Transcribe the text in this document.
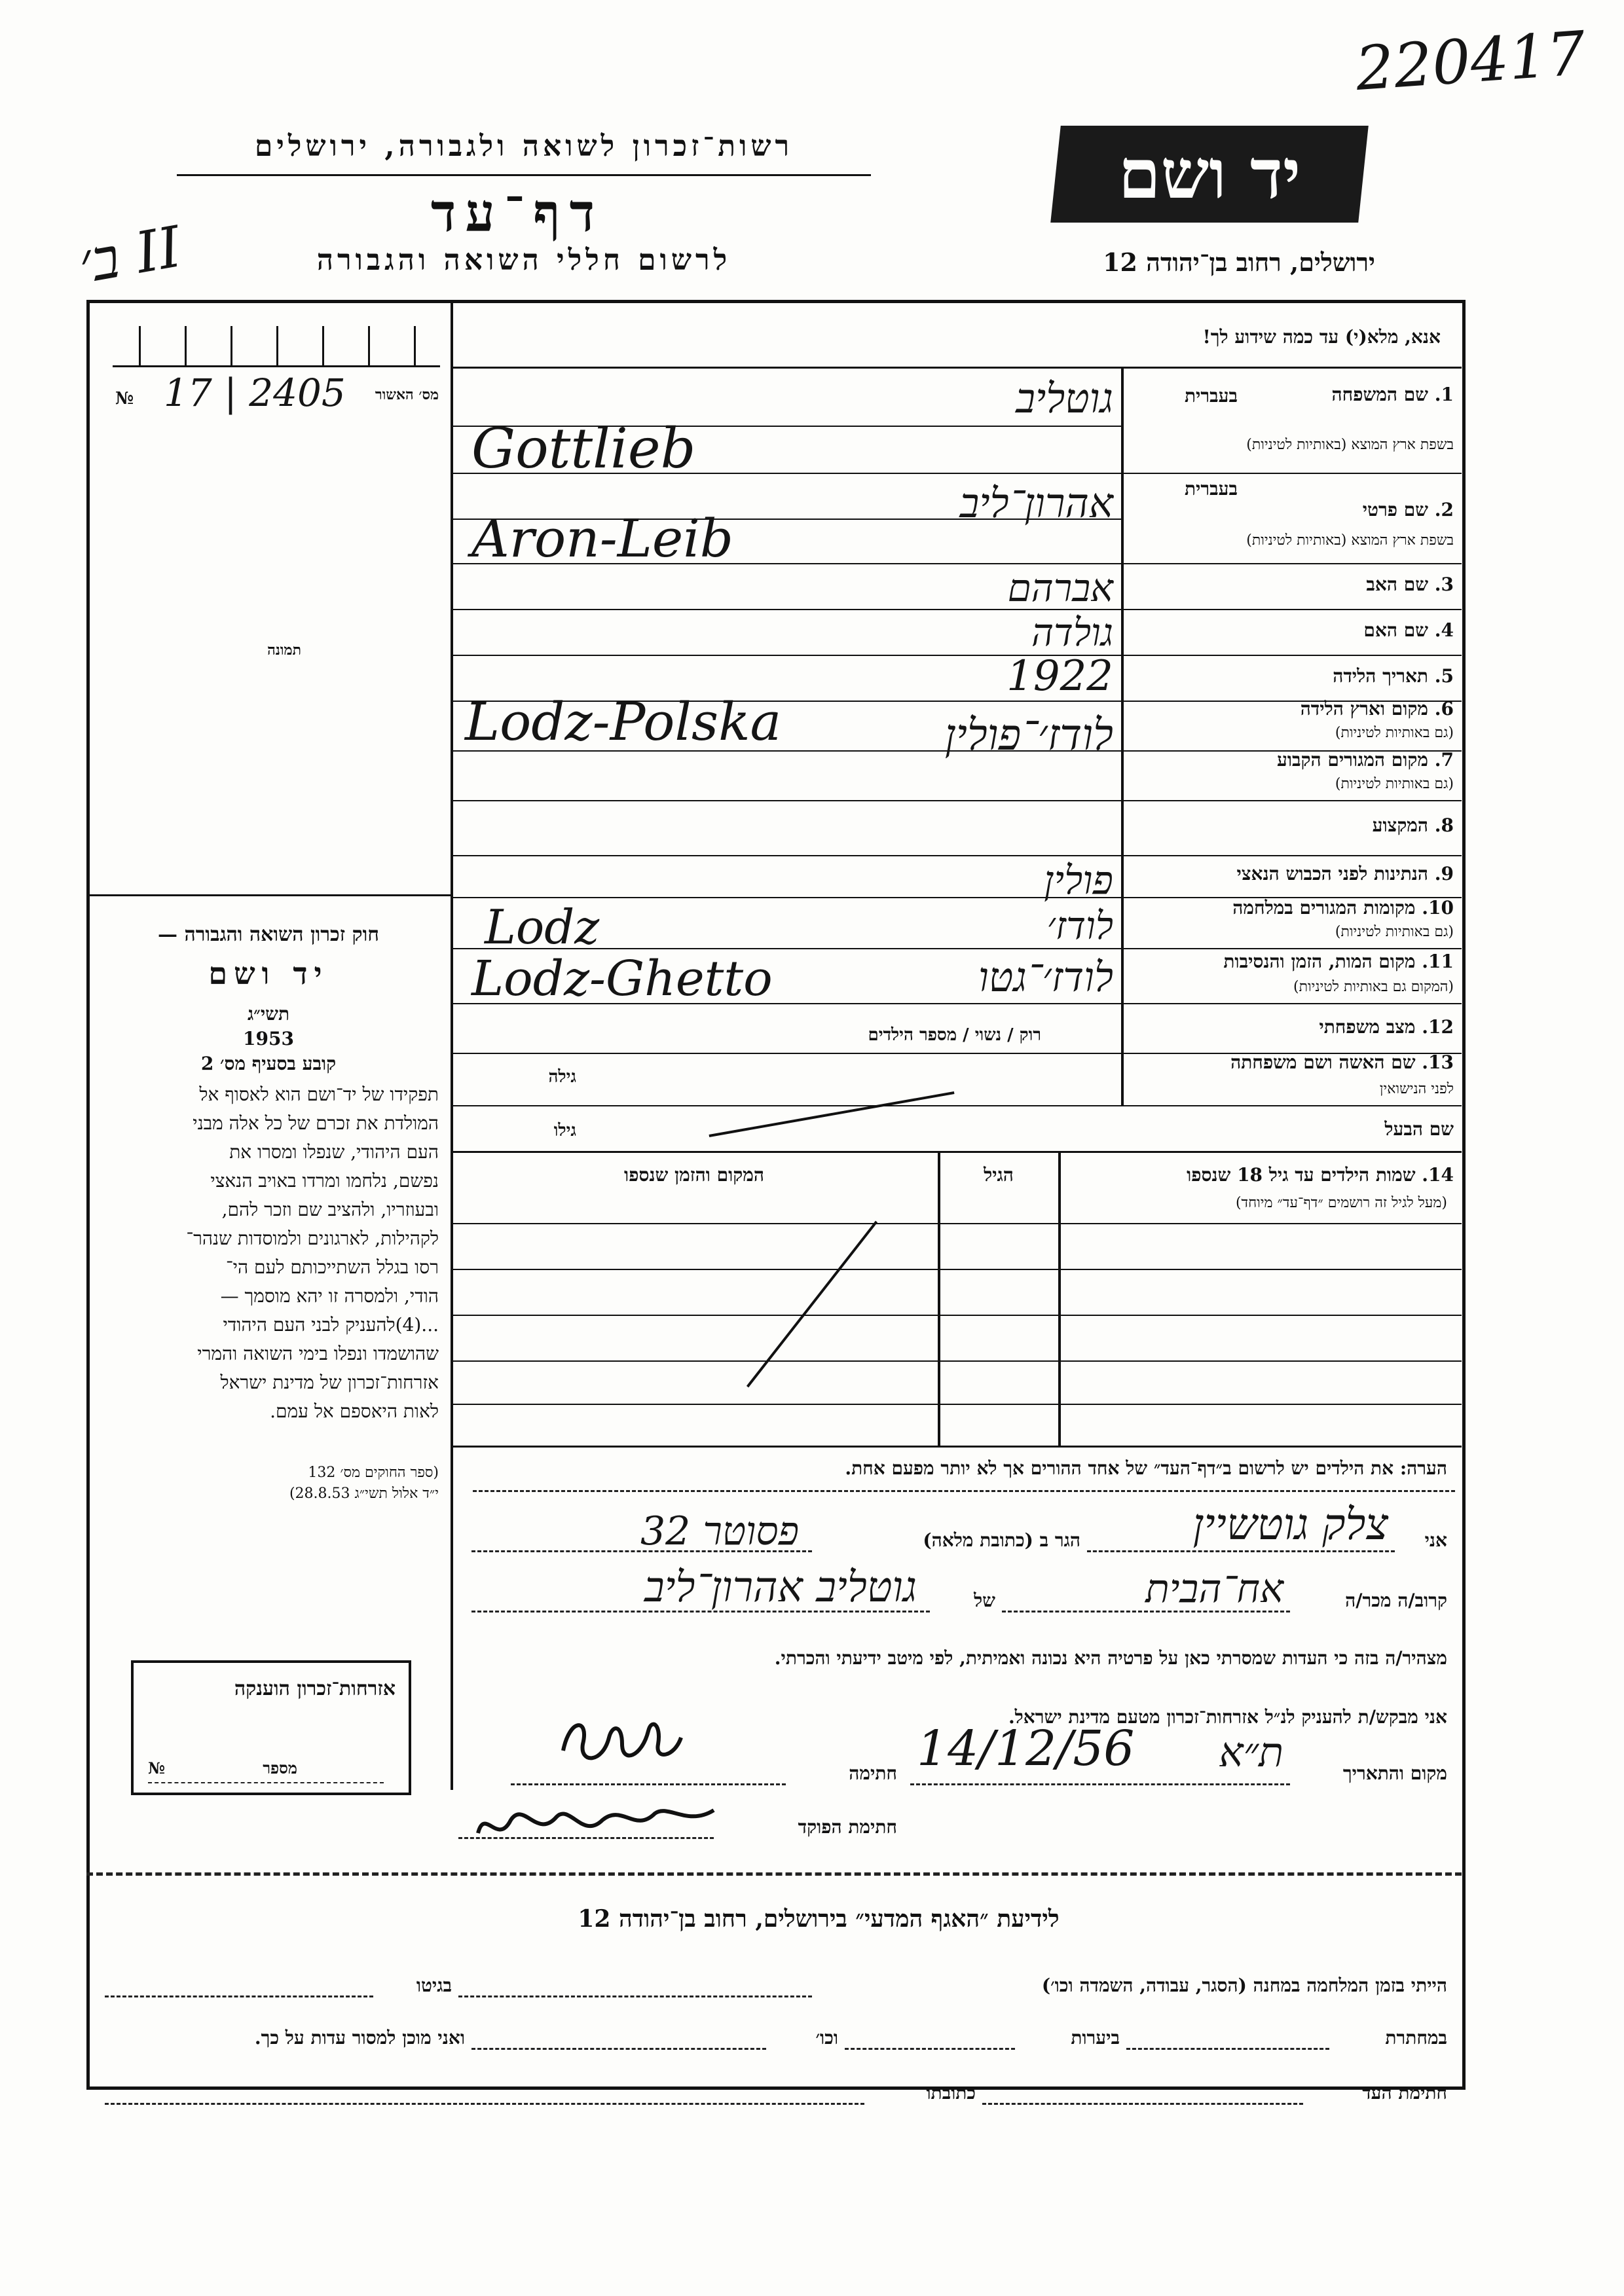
220417
יד ושם
ירושלים, רחוב בן־יהודה 12
רשות־זכרון לשואה ולגבורה, ירושלים
דף־עד
לרשום חללי השואה והגבורה
ב׳ II
מס׳ האשור
17 | 2405
№
תמונה
חוק זכרון השואה והגבורה —
יד ושם
תשי״ג
1953
קובע בסעיף מס׳ 2
תפקידו של יד־ושם הוא לאסוף אל
המולדת את זכרם של כל אלה מבני
העם היהודי, שנפלו ומסרו את
נפשם, נלחמו ומרדו באויב הנאצי
ובעוזריו, ולהציב שם וזכר להם,
לקהילות, לארגונים ולמוסדות שנהר־
רסו בגלל השתייכותם לעם הי־
הודי, ולמסרה זו יהא מוסמך —
...(4)להעניק לבני העם היהודי
שהושמדו ונפלו בימי השואה והמרי
אזרחות־זכרון של מדינת ישראל
לאות היאספם אל עמם.
(ספר החוקים מס׳ 132
י״ד אלול תשי״ג 28.8.53)
אזרחות־זכרון הוענקה
מספר
№
אנא, מלא(י) עד כמה שידוע לך!
1. שם המשפחה
בשפת ארץ המוצא (באותיות לטיניות)
בעברית
2. שם פרטי
בשפת ארץ המוצא (באותיות לטיניות)
בעברית
3. שם האב
4. שם האם
5. תאריך הלידה
6. מקום וארץ הלידה
(גם באותיות לטיניות)
7. מקום המגורים הקבוע
(גם באותיות לטיניות)
8. המקצוע
9. הנתינות לפני הכבוש הנאצי
10. מקומות המגורים במלחמה
(גם באותיות לטיניות)
11. מקום המות, הזמן והנסיבות
(המקום גם באותיות לטיניות)
12. מצב משפחתי
13. שם האשה ושם משפחתה
לפני הנישואין
שם הבעל
רוק / נשוי / מספר הילדים
גילה
גילו
גוטליב
Gottlieb
אהרון־ליב
Aron-Leib
אברהם
גולדה
1922
לודז׳־פולין
Lodz-Polska
פולין
לודז׳
Lodz
לודז׳־גטו
Lodz-Ghetto
14. שמות הילדים עד גיל 18 שנספו
(מעל לגיל זה רושמים ״דף־עד״ מיוחד)
הגיל
המקום והזמן שנספו
הערה: את הילדים יש לרשום ב״דף־העד״ של אחד ההורים אך לא יותר מפעם אחת.
אני
צלק גוטשיין
הגר ב (כתובת מלאה)
פסוטר 32
קרוב/ה מכר/ה
אח־הבית
של
גוטליב אהרון־ליב
מצהיר/ה בזה כי העדות שמסרתי כאן על פרטיה היא נכונה ואמיתית, לפי מיטב ידיעתי והכרתי.
אני מבקש/ת להעניק לנ״ל אזרחות־זכרון מטעם מדינת ישראל.
מקום והתאריך
ת״א
14/12/56
חתימה
חתימת הפוקד
לידיעת ״האגף המדעי״ בירושלים, רחוב בן־יהודה 12
הייתי בזמן המלחמה במחנה (הסגר, עבודה, השמדה וכו׳)
בגיטו
במחתרת
ביערות
וכו׳
ואני מוכן למסור עדות על כך.
חתימת העד
כתובתו
